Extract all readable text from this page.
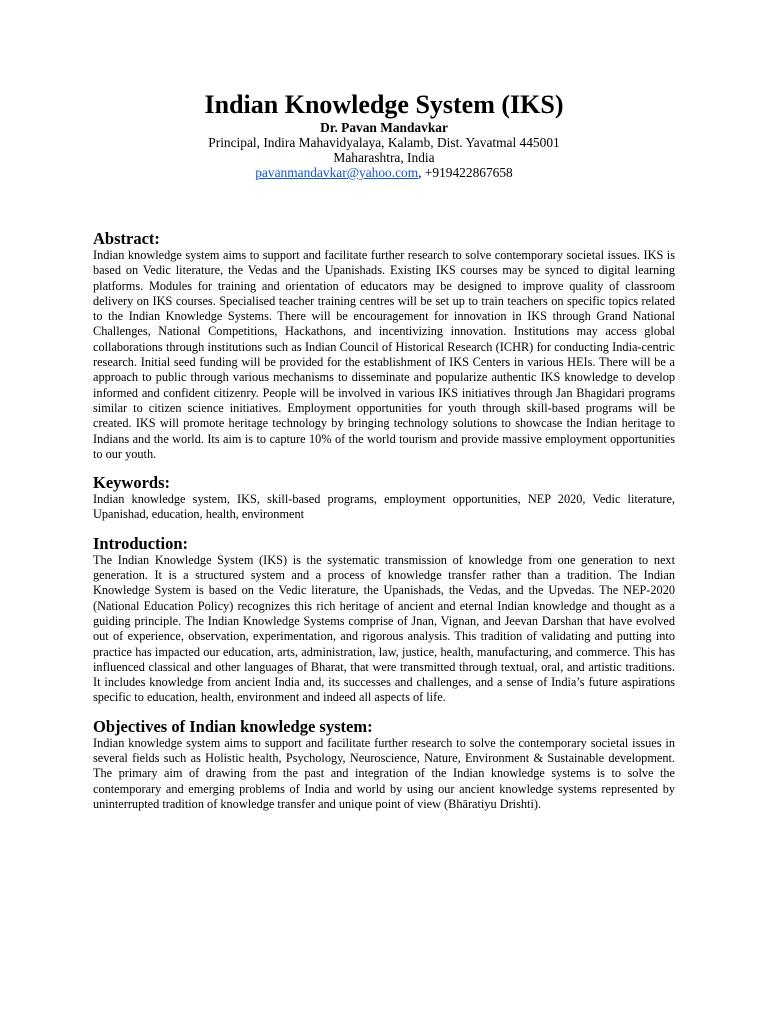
Indian Knowledge System (IKS)

Dr. Pavan Mandavkar

Principal, Indira Mahavidyalaya, Kalamb, Dist. Yavatmal 445001

Maharashtra, India

pavanmandavkar@yahoo.com, +919422867658

Abstract:

Indian knowledge system aims to support and facilitate further research to solve contemporary societal issues. IKS is based on Vedic literature, the Vedas and the Upanishads. Existing IKS courses may be synced to digital learning platforms. Modules for training and orientation of educators may be designed to improve quality of classroom delivery on IKS courses. Specialised teacher training centres will be set up to train teachers on specific topics related to the Indian Knowledge Systems. There will be encouragement for innovation in IKS through Grand National Challenges, National Competitions, Hackathons, and incentivizing innovation. Institutions may access global collaborations through institutions such as Indian Council of Historical Research (ICHR) for conducting India-centric research. Initial seed funding will be provided for the establishment of IKS Centers in various HEIs. There will be a approach to public through various mechanisms to disseminate and popularize authentic IKS knowledge to develop informed and confident citizenry. People will be involved in various IKS initiatives through Jan Bhagidari programs similar to citizen science initiatives. Employment opportunities for youth through skill-based programs will be created. IKS will promote heritage technology by bringing technology solutions to showcase the Indian heritage to Indians and the world. Its aim is to capture 10% of the world tourism and provide massive employment opportunities to our youth.

Keywords:

Indian knowledge system, IKS, skill-based programs, employment opportunities, NEP 2020, Vedic literature, Upanishad, education, health, environment

Introduction:

The Indian Knowledge System (IKS) is the systematic transmission of knowledge from one generation to next generation. It is a structured system and a process of knowledge transfer rather than a tradition. The Indian Knowledge System is based on the Vedic literature, the Upanishads, the Vedas, and the Upvedas. The NEP-2020 (National Education Policy) recognizes this rich heritage of ancient and eternal Indian knowledge and thought as a guiding principle. The Indian Knowledge Systems comprise of Jnan, Vignan, and Jeevan Darshan that have evolved out of experience, observation, experimentation, and rigorous analysis. This tradition of validating and putting into practice has impacted our education, arts, administration, law, justice, health, manufacturing, and commerce. This has influenced classical and other languages of Bharat, that were transmitted through textual, oral, and artistic traditions. It includes knowledge from ancient India and, its successes and challenges, and a sense of India’s future aspirations specific to education, health, environment and indeed all aspects of life.

Objectives of Indian knowledge system:

Indian knowledge system aims to support and facilitate further research to solve the contemporary societal issues in several fields such as Holistic health, Psychology, Neuroscience, Nature, Environment & Sustainable development. The primary aim of drawing from the past and integration of the Indian knowledge systems is to solve the contemporary and emerging problems of India and world by using our ancient knowledge systems represented by uninterrupted tradition of knowledge transfer and unique point of view (Bhāratiyu Drishti).
